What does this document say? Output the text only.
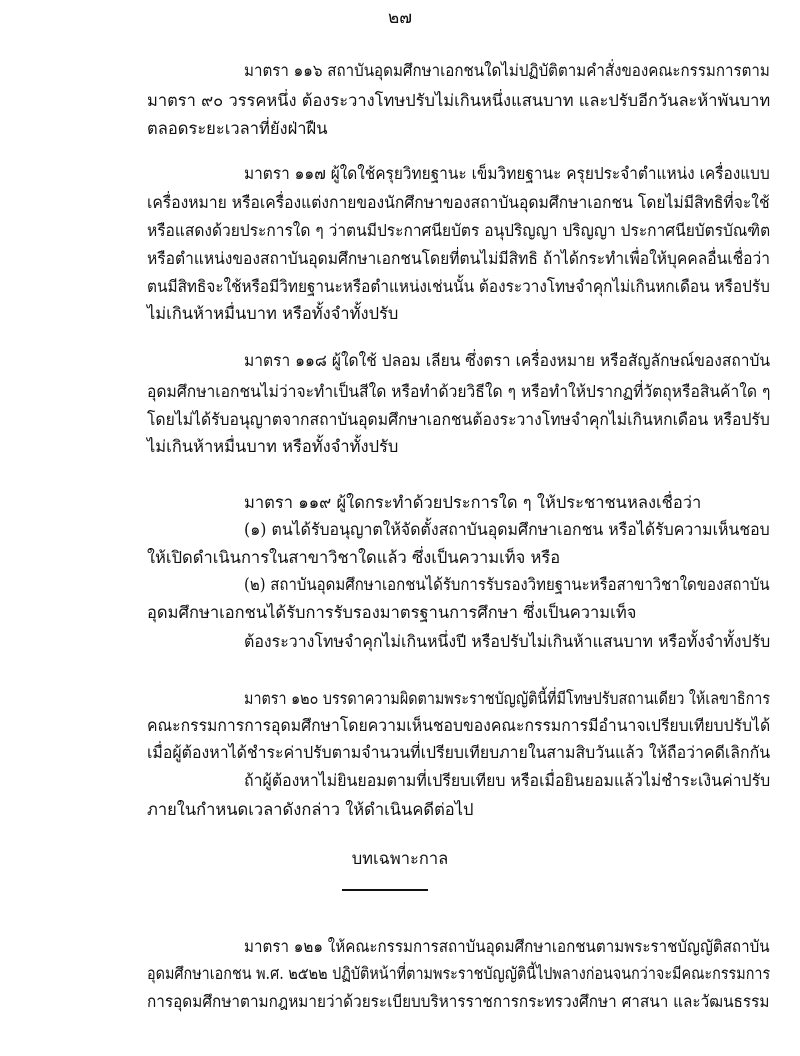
๒๗
มาตรา ๑๑๖ สถาบันอุดมศึกษาเอกชนใดไม่ปฏิบัติตามคำสั่งของคณะกรรมการตาม
มาตรา ๙๐ วรรคหนึ่ง ต้องระวางโทษปรับไม่เกินหนึ่งแสนบาท และปรับอีกวันละห้าพันบาท
ตลอดระยะเวลาที่ยังฝ่าฝืน
มาตรา ๑๑๗ ผู้ใดใช้ครุยวิทยฐานะ เข็มวิทยฐานะ ครุยประจำตำแหน่ง เครื่องแบบ
เครื่องหมาย หรือเครื่องแต่งกายของนักศึกษาของสถาบันอุดมศึกษาเอกชน โดยไม่มีสิทธิที่จะใช้
หรือแสดงด้วยประการใด ๆ ว่าตนมีประกาศนียบัตร อนุปริญญา ปริญญา ประกาศนียบัตรบัณฑิต
หรือตำแหน่งของสถาบันอุดมศึกษาเอกชนโดยที่ตนไม่มีสิทธิ ถ้าได้กระทำเพื่อให้บุคคลอื่นเชื่อว่า
ตนมีสิทธิจะใช้หรือมีวิทยฐานะหรือตำแหน่งเช่นนั้น ต้องระวางโทษจำคุกไม่เกินหกเดือน หรือปรับ
ไม่เกินห้าหมื่นบาท หรือทั้งจำทั้งปรับ
มาตรา ๑๑๘ ผู้ใดใช้ ปลอม เลียน ซึ่งตรา เครื่องหมาย หรือสัญลักษณ์ของสถาบัน
อุดมศึกษาเอกชนไม่ว่าจะทำเป็นสีใด หรือทำด้วยวิธีใด ๆ หรือทำให้ปรากฏที่วัตถุหรือสินค้าใด ๆ
โดยไม่ได้รับอนุญาตจากสถาบันอุดมศึกษาเอกชนต้องระวางโทษจำคุกไม่เกินหกเดือน หรือปรับ
ไม่เกินห้าหมื่นบาท หรือทั้งจำทั้งปรับ
มาตรา ๑๑๙ ผู้ใดกระทำด้วยประการใด ๆ ให้ประชาชนหลงเชื่อว่า
(๑) ตนได้รับอนุญาตให้จัดตั้งสถาบันอุดมศึกษาเอกชน หรือได้รับความเห็นชอบ
ให้เปิดดำเนินการในสาขาวิชาใดแล้ว ซึ่งเป็นความเท็จ หรือ
(๒) สถาบันอุดมศึกษาเอกชนได้รับการรับรองวิทยฐานะหรือสาขาวิชาใดของสถาบัน
อุดมศึกษาเอกชนได้รับการรับรองมาตรฐานการศึกษา ซึ่งเป็นความเท็จ
ต้องระวางโทษจำคุกไม่เกินหนึ่งปี หรือปรับไม่เกินห้าแสนบาท หรือทั้งจำทั้งปรับ
มาตรา ๑๒๐ บรรดาความผิดตามพระราชบัญญัตินี้ที่มีโทษปรับสถานเดียว ให้เลขาธิการ
คณะกรรมการการอุดมศึกษาโดยความเห็นชอบของคณะกรรมการมีอำนาจเปรียบเทียบปรับได้
เมื่อผู้ต้องหาได้ชำระค่าปรับตามจำนวนที่เปรียบเทียบภายในสามสิบวันแล้ว ให้ถือว่าคดีเลิกกัน
ถ้าผู้ต้องหาไม่ยินยอมตามที่เปรียบเทียบ หรือเมื่อยินยอมแล้วไม่ชำระเงินค่าปรับ
ภายในกำหนดเวลาดังกล่าว ให้ดำเนินคดีต่อไป
บทเฉพาะกาล
มาตรา ๑๒๑ ให้คณะกรรมการสถาบันอุดมศึกษาเอกชนตามพระราชบัญญัติสถาบัน
อุดมศึกษาเอกชน พ.ศ. ๒๕๒๒ ปฏิบัติหน้าที่ตามพระราชบัญญัตินี้ไปพลางก่อนจนกว่าจะมีคณะกรรมการ
การอุดมศึกษาตามกฎหมายว่าด้วยระเบียบบริหารราชการกระทรวงศึกษา ศาสนา และวัฒนธรรม
